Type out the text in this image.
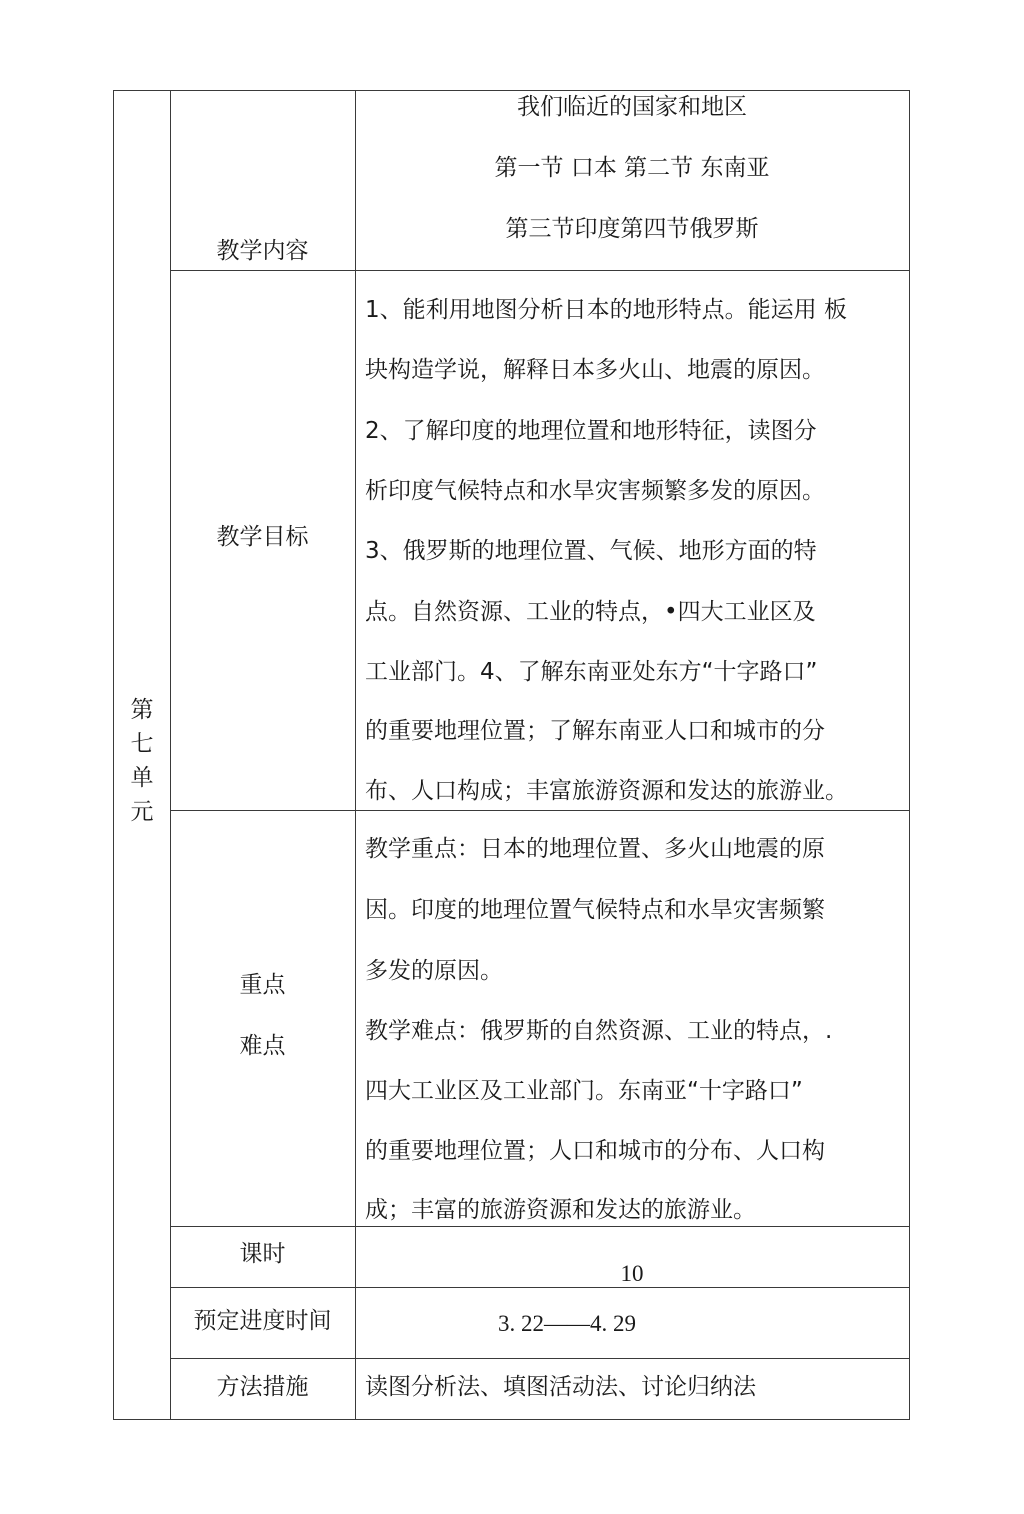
第
七
单
元
教学内容
我们临近的国家和地区
第一节 口本 第二节 东南亚
第三节印度第四节俄罗斯
教学目标
1、能利用地图分析日本的地形特点。能运用 板
块构造学说，解释日本多火山、地震的原因。
2、了解印度的地理位置和地形特征，读图分
析印度气候特点和水旱灾害频繁多发的原因。
3、俄罗斯的地理位置、气候、地形方面的特
点。自然资源、工业的特点，•四大工业区及
工业部门。4、了解东南亚处东方“十字路口”
的重要地理位置；了解东南亚人口和城市的分
布、人口构成；丰富旅游资源和发达的旅游业。
重点
难点
教学重点：日本的地理位置、多火山地震的原
因。印度的地理位置气候特点和水旱灾害频繁
多发的原因。
教学难点：俄罗斯的自然资源、工业的特点，.
四大工业区及工业部门。东南亚“十字路口”
的重要地理位置；人口和城市的分布、人口构
成；丰富的旅游资源和发达的旅游业。
课时
10
预定进度时间	3. 22——4. 29
方法措施	读图分析法、填图活动法、讨论归纳法
